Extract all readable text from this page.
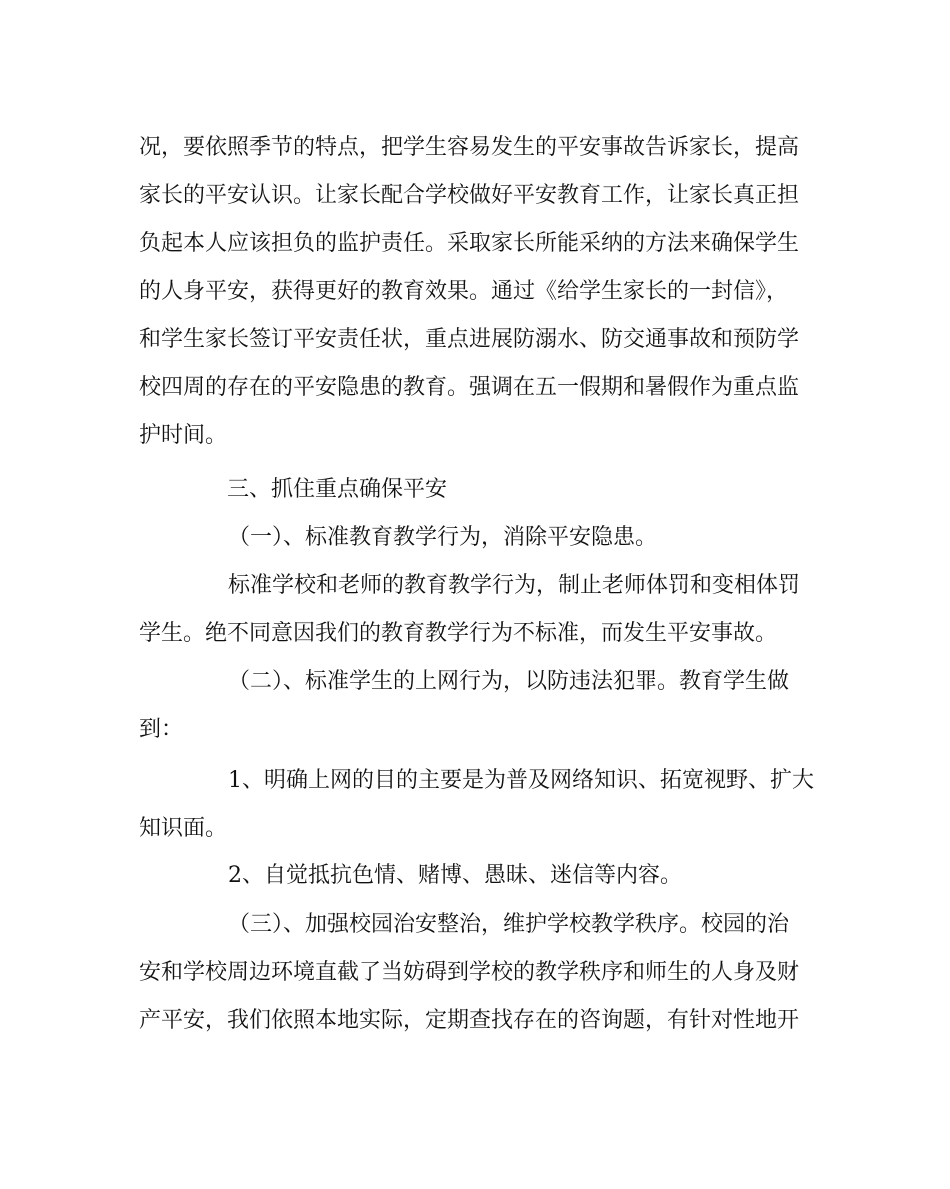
况，要依照季节的特点，把学生容易发生的平安事故告诉家长，提高

家长的平安认识。让家长配合学校做好平安教育工作，让家长真正担

负起本人应该担负的监护责任。采取家长所能采纳的方法来确保学生

的人身平安，获得更好的教育效果。通过《给学生家长的一封信》，

和学生家长签订平安责任状，重点进展防溺水、防交通事故和预防学

校四周的存在的平安隐患的教育。强调在五一假期和暑假作为重点监

护时间。

三、抓住重点确保平安

（一）、标准教育教学行为，消除平安隐患。

标准学校和老师的教育教学行为，制止老师体罚和变相体罚

学生。绝不同意因我们的教育教学行为不标准，而发生平安事故。

（二）、标准学生的上网行为，以防违法犯罪。教育学生做

到：

1、明确上网的目的主要是为普及网络知识、拓宽视野、扩大

知识面。

2、自觉抵抗色情、赌博、愚昧、迷信等内容。

（三）、加强校园治安整治，维护学校教学秩序。校园的治

安和学校周边环境直截了当妨碍到学校的教学秩序和师生的人身及财

产平安，我们依照本地实际，定期查找存在的咨询题，有针对性地开
